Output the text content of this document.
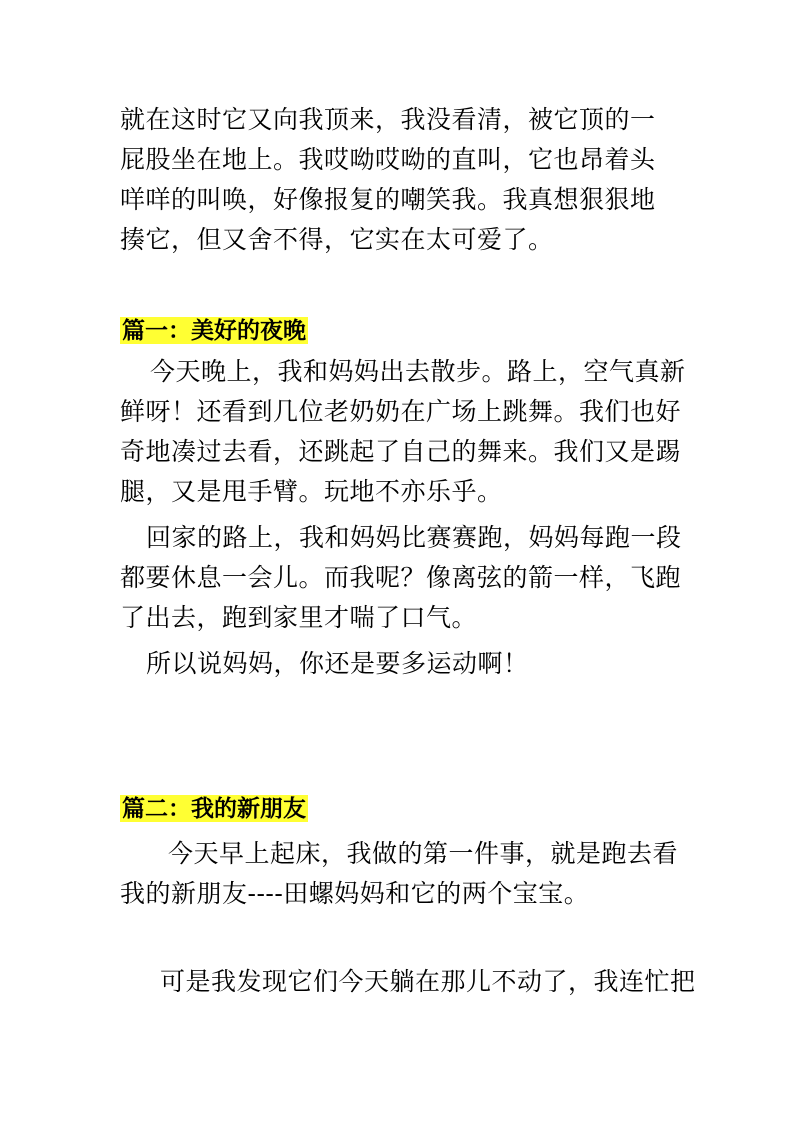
就在这时它又向我顶来，我没看清，被它顶的一
屁股坐在地上。我哎呦哎呦的直叫，它也昂着头
咩咩的叫唤，好像报复的嘲笑我。我真想狠狠地
揍它，但又舍不得，它实在太可爱了。
篇一：美好的夜晚
今天晚上，我和妈妈出去散步。路上，空气真新
鲜呀！还看到几位老奶奶在广场上跳舞。我们也好
奇地凑过去看，还跳起了自己的舞来。我们又是踢
腿，又是甩手臂。玩地不亦乐乎。
回家的路上，我和妈妈比赛赛跑，妈妈每跑一段
都要休息一会儿。而我呢？像离弦的箭一样，飞跑
了出去，跑到家里才喘了口气。
所以说妈妈，你还是要多运动啊！
篇二：我的新朋友
今天早上起床，我做的第一件事，就是跑去看
我的新朋友----田螺妈妈和它的两个宝宝。
可是我发现它们今天躺在那儿不动了，我连忙把
